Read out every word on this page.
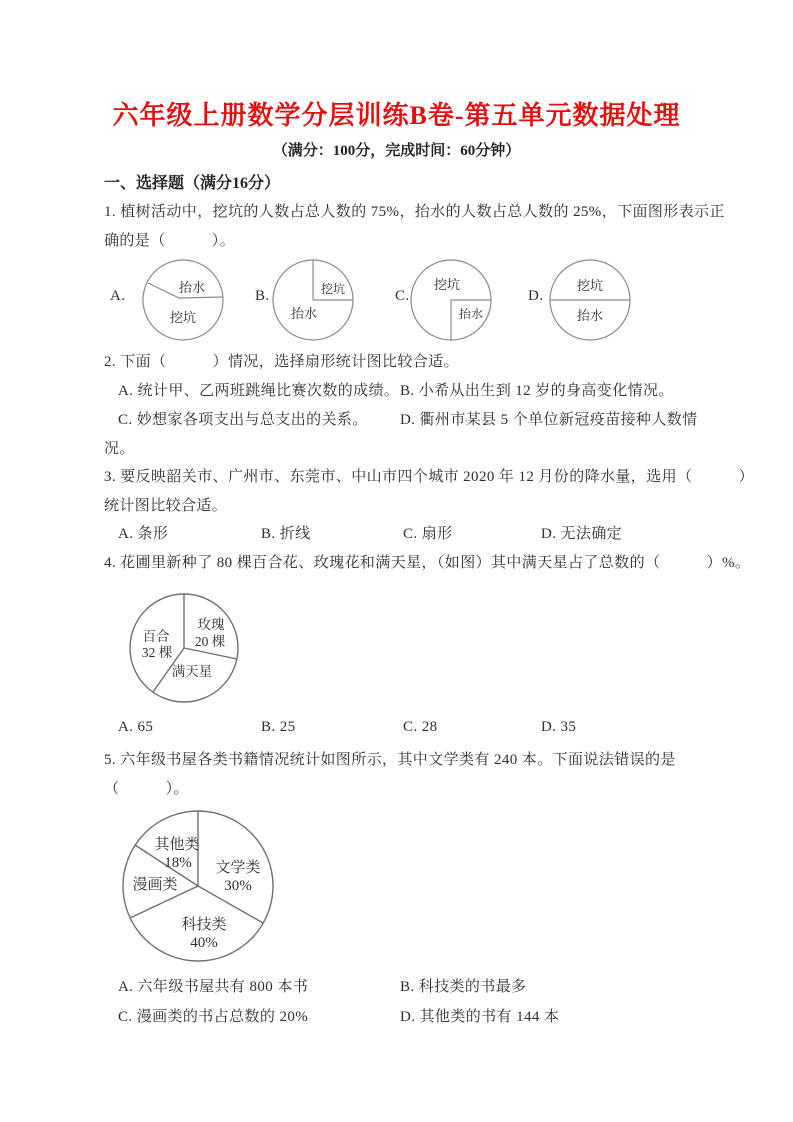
六年级上册数学分层训练B卷-第五单元数据处理
（满分：100分，完成时间：60分钟）
一、选择题（满分16分）
1. 植树活动中，挖坑的人数占总人数的 75%，抬水的人数占总人数的 25%，下面图形表示正
确的是（　　　）。
A.
抬水
挖坑
B.	挖坑
抬水
C.
挖坑
抬水
D.
挖坑
抬水
2. 下面（　　　）情况，选择扇形统计图比较合适。
A. 统计甲、乙两班跳绳比赛次数的成绩。 B. 小希从出生到 12 岁的身高变化情况。
C. 妙想家各项支出与总支出的关系。 D. 衢州市某县 5 个单位新冠疫苗接种人数情
况。
3. 要反映韶关市、广州市、东莞市、中山市四个城市 2020 年 12 月份的降水量，选用（　　　）
统计图比较合适。
A. 条形	B. 折线	C. 扇形	D. 无法确定
4. 花圃里新种了 80 棵百合花、玫瑰花和满天星，（如图）其中满天星占了总数的（　　　）%。
百合
32 棵
玫瑰
20 棵
满天星
A. 65	B. 25	C. 28	D. 35
5. 六年级书屋各类书籍情况统计如图所示，其中文学类有 240 本。下面说法错误的是
（　　　）。
其他类
18% 文学类
30%
漫画类
科技类
40%
A. 六年级书屋共有 800 本书	B. 科技类的书最多
C. 漫画类的书占总数的 20%	D. 其他类的书有 144 本
